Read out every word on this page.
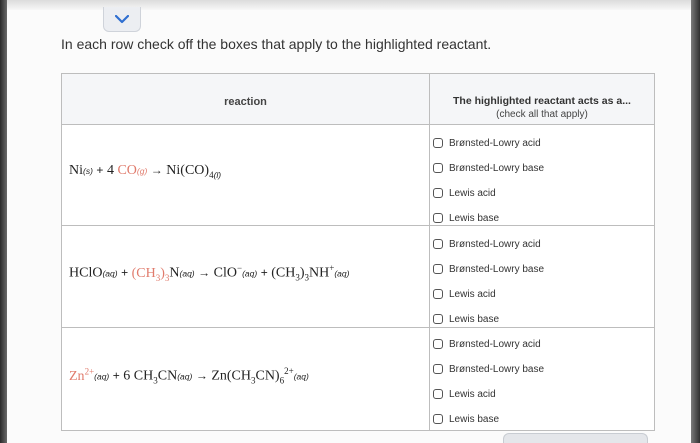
In each row check off the boxes that apply to the highlighted reactant.
reaction	The highlighted reactant acts as a...
(check all that apply)
Ni(s) + 4 $CO(g) \to Ni(CO)_{4(l)}$
HClO(aq) + $(CH_3)_3N(aq) \to ClO^-(aq) + (CH_3)_3NH^+(aq)$
$Zn^{2+}(aq) + 6$ $CH_3CN(aq) \to Zn(CH_3CN)_6^{2+}(aq)$
Brønsted-Lowry acid
Brønsted-Lowry base
Lewis acid
Lewis base
Brønsted-Lowry acid
Brønsted-Lowry base
Lewis acid
Lewis base
Brønsted-Lowry acid
Brønsted-Lowry base
Lewis acid
Lewis base
